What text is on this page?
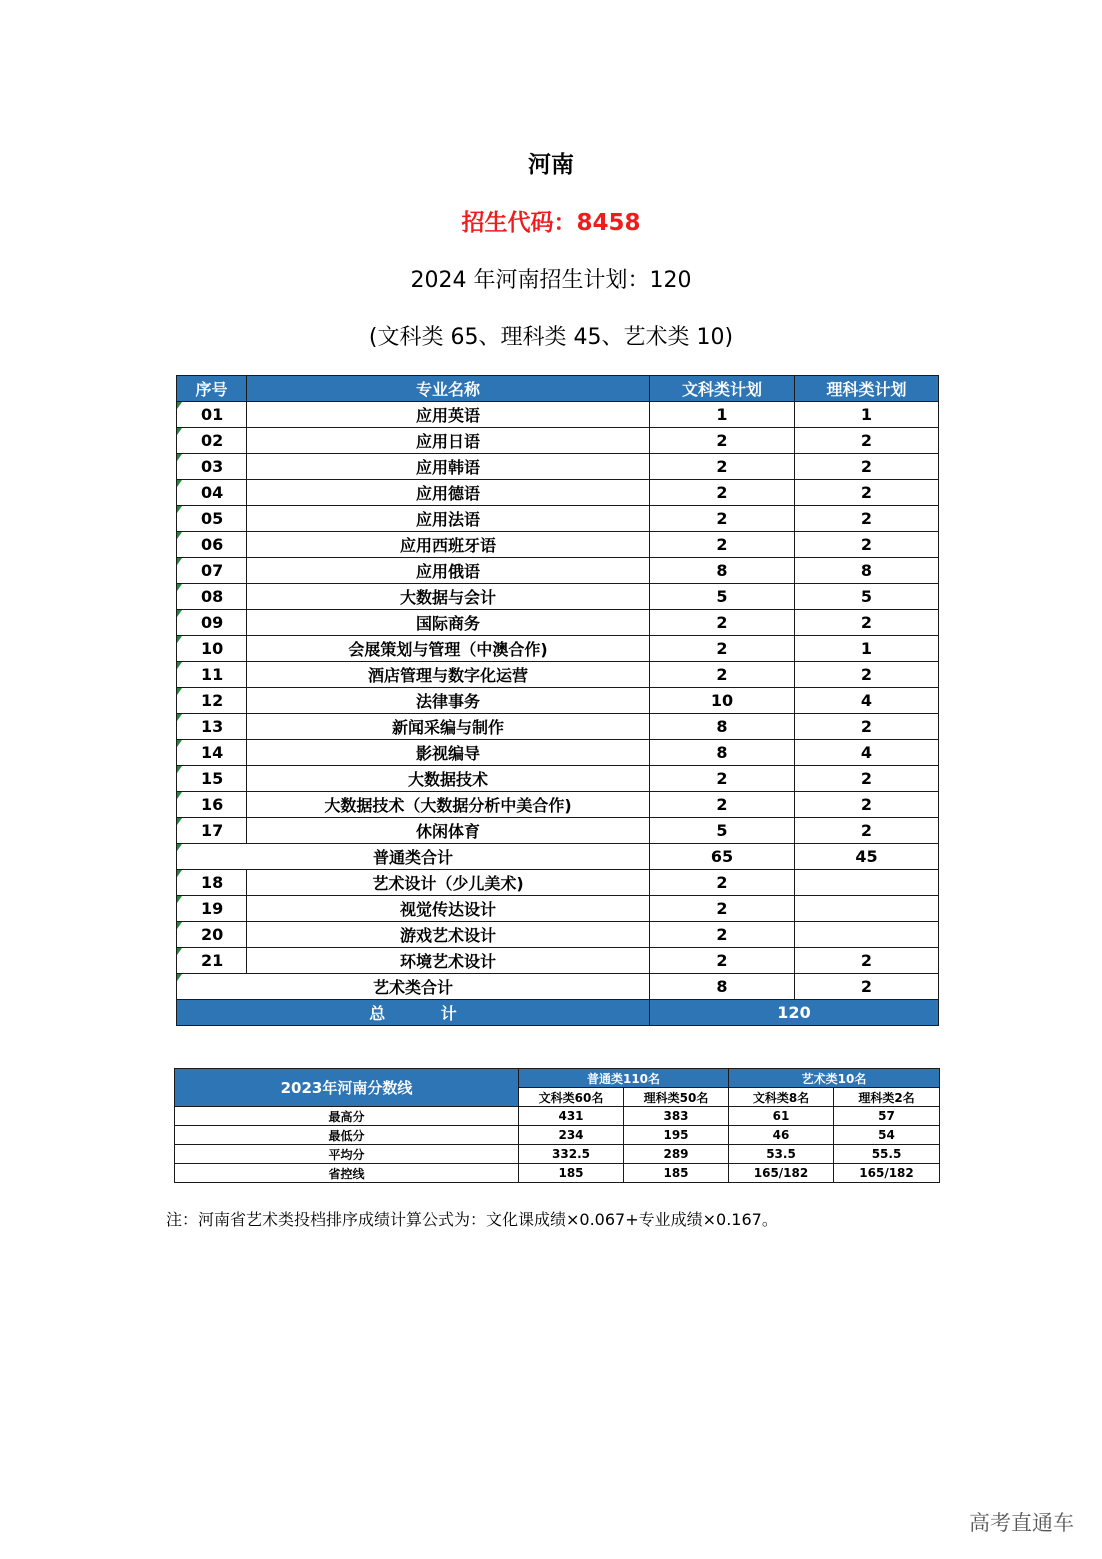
河南
招生代码：8458
2024 年河南招生计划：120
(文科类 65、理科类 45、艺术类 10)
序号	专业名称	文科类计划	理科类计划

01	应用英语	1	1

02	应用日语	2	2

03	应用韩语	2	2

04	应用德语	2	2

05	应用法语	2	2

06	应用西班牙语	2	2

07	应用俄语	8	8

08	大数据与会计	5	5

09	国际商务	2	2

10	会展策划与管理（中澳合作)	2	1

11	酒店管理与数字化运营	2	2

12	法律事务	10	4

13	新闻采编与制作	8	2

14	影视编导	8	4

15	大数据技术	2	2

16	大数据技术（大数据分析中美合作)	2	2

17	休闲体育	5	2

普通类合计		65	45

18	艺术设计（少儿美术)	2	

19	视觉传达设计	2	

20	游戏艺术设计	2	

21	环境艺术设计	2	2

艺术类合计		8	2
总 计		120	
2023年河南分数线	普通类110名		艺术类10名	
	文科类60名	理科类50名	文科类8名	理科类2名
最高分	431	383	61	57
最低分	234	195	46	54
平均分	332.5	289	53.5	55.5
省控线	185	185	165/182	165/182
注：河南省艺术类投档排序成绩计算公式为：文化课成绩×0.067+专业成绩×0.167。
高考直通车
